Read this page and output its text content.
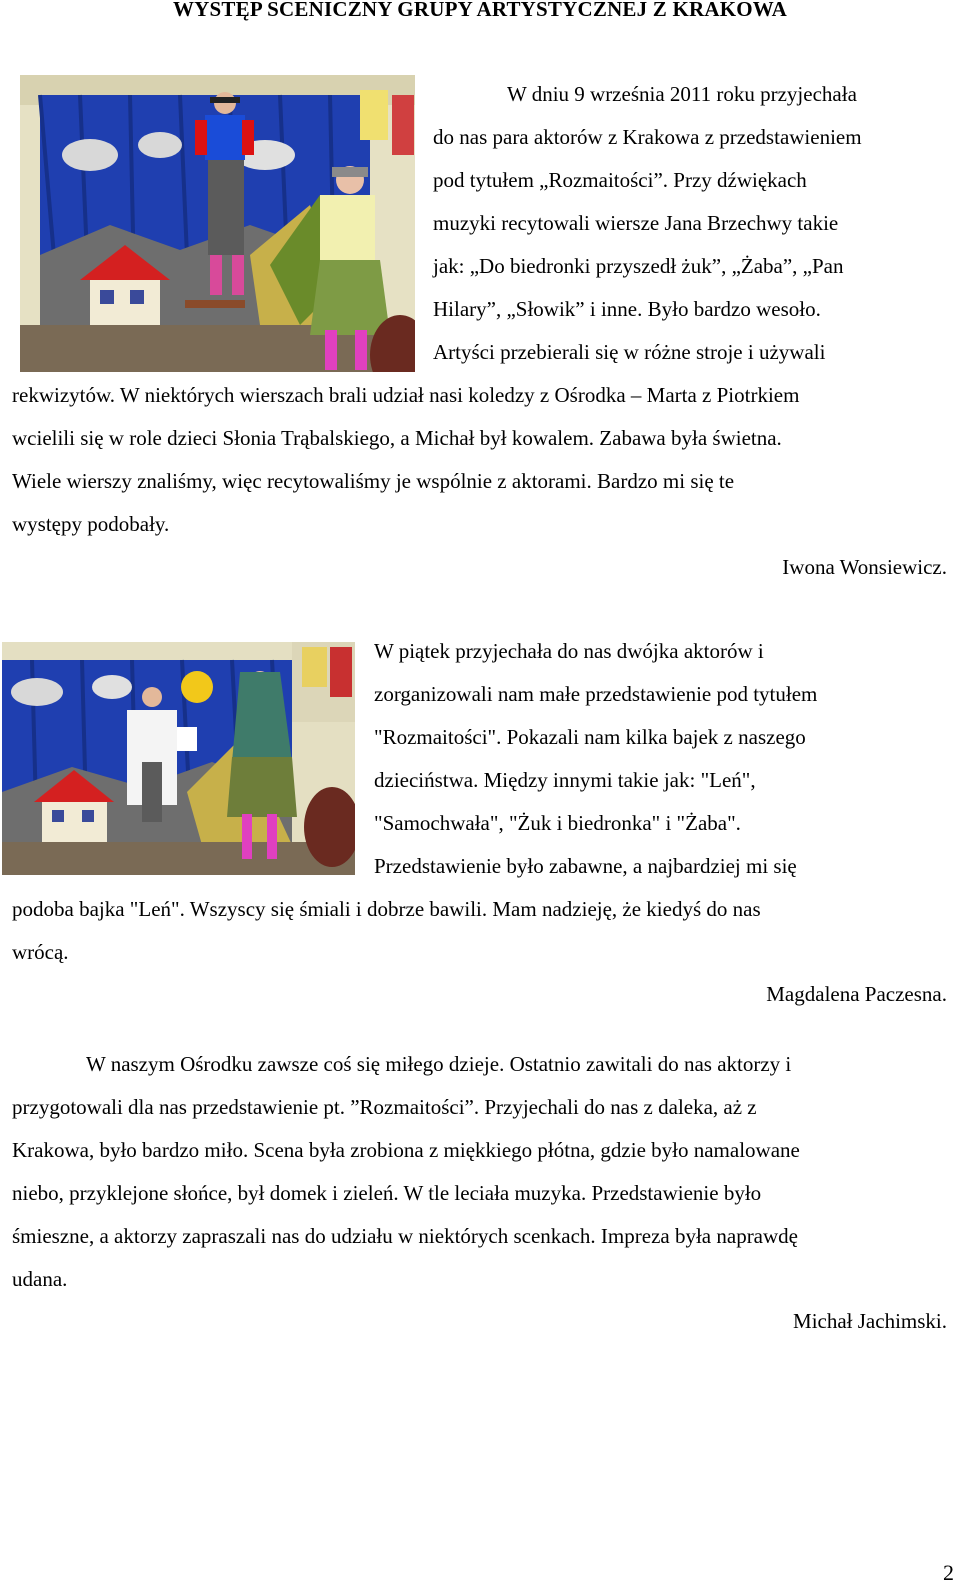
WYSTĘP SCENICZNY GRUPY ARTYSTYCZNEJ Z KRAKOWA

W dniu 9 września 2011 roku przyjechała

do nas para aktorów z Krakowa z przedstawieniem

pod tytułem „Rozmaitości”. Przy dźwiękach

muzyki recytowali wiersze Jana Brzechwy takie

jak: „Do biedronki przyszedł żuk”, „Żaba”, „Pan

Hilary”, „Słowik” i inne. Było bardzo wesoło.

Artyści przebierali się w różne stroje i używali

rekwizytów. W niektórych wierszach brali udział nasi koledzy z Ośrodka – Marta z Piotrkiem

wcielili się w role dzieci Słonia Trąbalskiego, a Michał był kowalem. Zabawa była świetna.

Wiele wierszy znaliśmy, więc recytowaliśmy je wspólnie z aktorami. Bardzo mi się te

występy podobały.

Iwona Wonsiewicz.

W piątek przyjechała do nas dwójka aktorów i

zorganizowali nam małe przedstawienie pod tytułem

"Rozmaitości". Pokazali nam kilka bajek z naszego

dzieciństwa. Między innymi takie jak: "Leń",

"Samochwała", "Żuk i biedronka" i "Żaba".

Przedstawienie było zabawne, a najbardziej mi się

podoba bajka "Leń". Wszyscy się śmiali i dobrze bawili. Mam nadzieję, że kiedyś do nas

wrócą.

Magdalena Paczesna.

W naszym Ośrodku zawsze coś się miłego dzieje. Ostatnio zawitali do nas aktorzy i

przygotowali dla nas przedstawienie pt. ”Rozmaitości”. Przyjechali do nas z daleka, aż z

Krakowa, było bardzo miło. Scena była zrobiona z miękkiego płótna, gdzie było namalowane

niebo, przyklejone słońce, był domek i zieleń. W tle leciała muzyka. Przedstawienie było

śmieszne, a aktorzy zapraszali nas do udziału w niektórych scenkach. Impreza była naprawdę

udana.

Michał Jachimski.

2
